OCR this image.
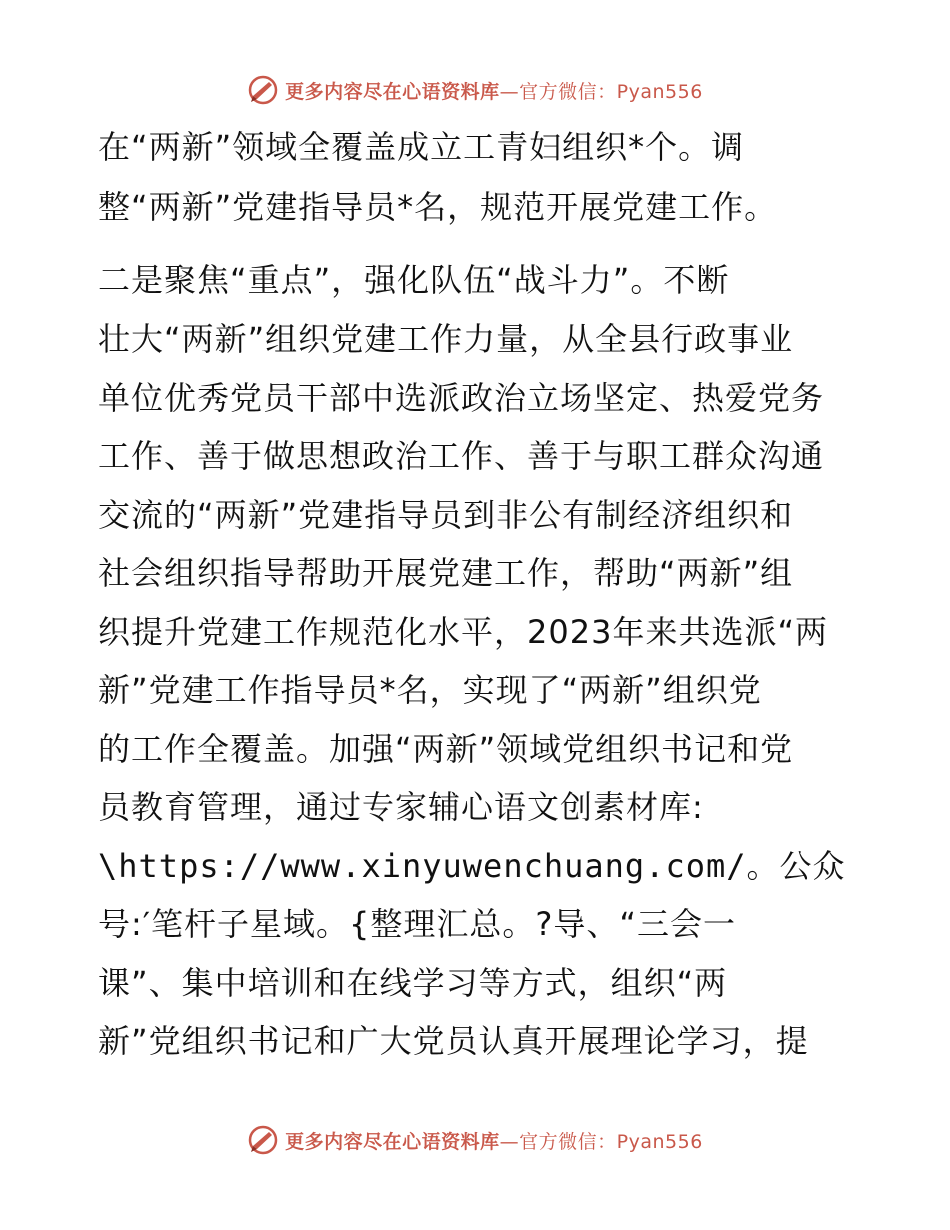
更多内容尽在心语资料库—官方微信：Pyan556
在“两新”领域全覆盖成立工青妇组织*个。调
整“两新”党建指导员*名，规范开展党建工作。
二是聚焦“重点”，强化队伍“战斗力”。不断
壮大“两新”组织党建工作力量，从全县行政事业
单位优秀党员干部中选派政治立场坚定、热爱党务
工作、善于做思想政治工作、善于与职工群众沟通
交流的“两新”党建指导员到非公有制经济组织和
社会组织指导帮助开展党建工作，帮助“两新”组
织提升党建工作规范化水平，2023年来共选派“两
新”党建工作指导员*名，实现了“两新”组织党
的工作全覆盖。加强“两新”领域党组织书记和党
员教育管理，通过专家辅心语文创素材库:
\https://www.xinyuwenchuang.com/。公众
号:′笔杆子星域。{整理汇总。?导、“三会一
课”、集中培训和在线学习等方式，组织“两
新”党组织书记和广大党员认真开展理论学习，提
更多内容尽在心语资料库—官方微信：Pyan556
